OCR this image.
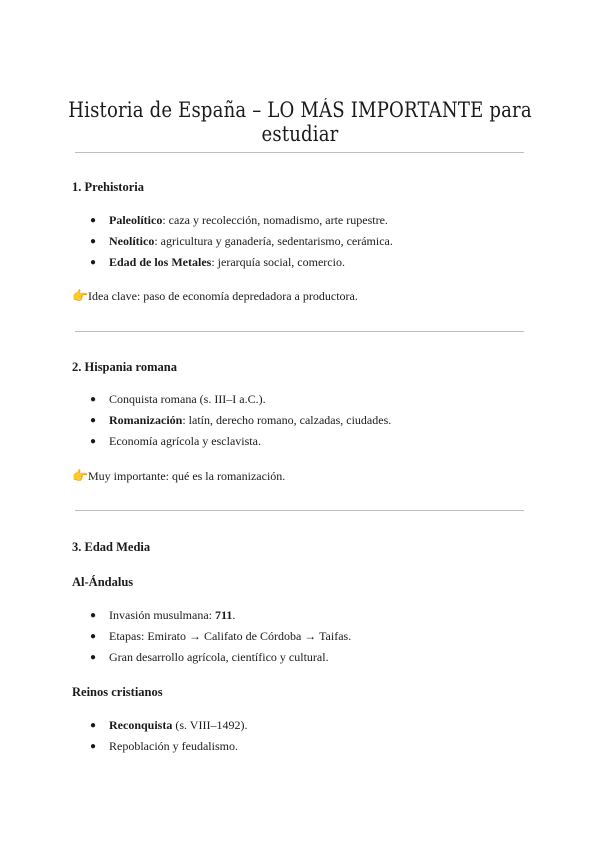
Historia de España – LO MÁS IMPORTANTE para estudiar
1. Prehistoria
● Paleolítico: caza y recolección, nomadismo, arte rupestre.
● Neolítico: agricultura y ganadería, sedentarismo, cerámica.
● Edad de los Metales: jerarquía social, comercio.
👉Idea clave: paso de economía depredadora a productora.
2. Hispania romana
● Conquista romana (s. III–I a.C.).
● Romanización: latín, derecho romano, calzadas, ciudades.
● Economía agrícola y esclavista.
👉Muy importante: qué es la romanización.
3. Edad Media
Al-Ándalus
● Invasión musulmana: 711.
● Etapas: Emirato → Califato de Córdoba → Taifas.
● Gran desarrollo agrícola, científico y cultural.
Reinos cristianos
● Reconquista (s. VIII–1492).
● Repoblación y feudalismo.
